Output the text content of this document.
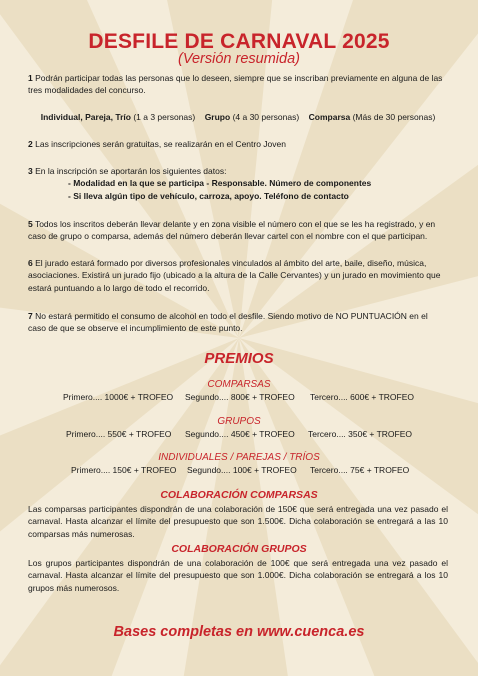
DESFILE DE CARNAVAL 2025
(Versión resumida)
1 Podrán participar todas las personas que lo deseen, siempre que se inscriban previamente en alguna de las tres modalidades del concurso.
Individual, Pareja, Trío (1 a 3 personas) Grupo (4 a 30 personas) Comparsa (Más de 30 personas)
2 Las inscripciones serán gratuitas, se realizarán en el Centro Joven
3 En la inscripción se aportarán los siguientes datos:
- Modalidad en la que se participa - Responsable. Número de componentes
- Si lleva algún tipo de vehículo, carroza, apoyo. Teléfono de contacto
5 Todos los inscritos deberán llevar delante y en zona visible el número con el que se les ha registrado, y en caso de grupo o comparsa, además del número deberán llevar cartel con el nombre con el que participan.
6 El jurado estará formado por diversos profesionales vinculados al ámbito del arte, baile, diseño, música, asociaciones. Existirá un jurado fijo (ubicado a la altura de la Calle Cervantes) y un jurado en movimiento que estará puntuando a lo largo de todo el recorrido.
7 No estará permitido el consumo de alcohol en todo el desfile. Siendo motivo de NO PUNTUACIÓN en el caso de que se observe el incumplimiento de este punto.
PREMIOS
COMPARSAS
Primero.... 1000€ + TROFEO Segundo.... 800€ + TROFEO Tercero.... 600€ + TROFEO
GRUPOS
Primero.... 550€ + TROFEO Segundo.... 450€ + TROFEO Tercero.... 350€ + TROFEO
INDIVIDUALES / PAREJAS / TRÍOS
Primero.... 150€ + TROFEO Segundo.... 100€ + TROFEO Tercero.... 75€ + TROFEO
COLABORACIÓN COMPARSAS
Las comparsas participantes dispondrán de una colaboración de 150€ que será entregada una vez pasado el carnaval. Hasta alcanzar el límite del presupuesto que son 1.500€. Dicha colaboración se entregará a las 10 comparsas más numerosas.
COLABORACIÓN GRUPOS
Los grupos participantes dispondrán de una colaboración de 100€ que será entregada una vez pasado el carnaval. Hasta alcanzar el límite del presupuesto que son 1.000€. Dicha colaboración se entregará a los 10 grupos más numerosos.
Bases completas en www.cuenca.es
